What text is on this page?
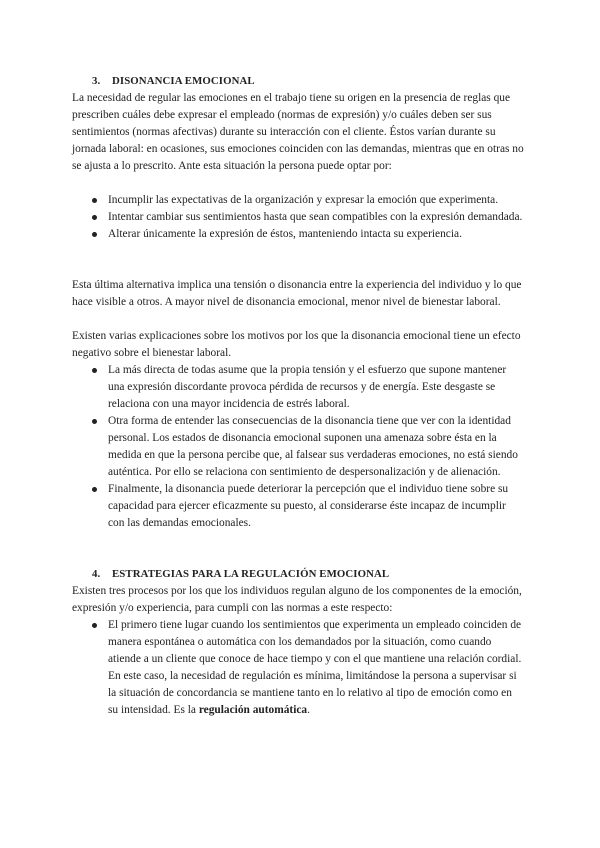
3. DISONANCIA EMOCIONAL

La necesidad de regular las emociones en el trabajo tiene su origen en la presencia de reglas que prescriben cuáles debe expresar el empleado (normas de expresión) y/o cuáles deben ser sus sentimientos (normas afectivas) durante su interacción con el cliente. Éstos varían durante su jornada laboral: en ocasiones, sus emociones coinciden con las demandas, mientras que en otras no se ajusta a lo prescrito. Ante esta situación la persona puede optar por:

Incumplir las expectativas de la organización y expresar la emoción que experimenta.
Intentar cambiar sus sentimientos hasta que sean compatibles con la expresión demandada.
Alterar únicamente la expresión de éstos, manteniendo intacta su experiencia.

Esta última alternativa implica una tensión o disonancia entre la experiencia del individuo y lo que hace visible a otros. A mayor nivel de disonancia emocional, menor nivel de bienestar laboral.

Existen varias explicaciones sobre los motivos por los que la disonancia emocional tiene un efecto negativo sobre el bienestar laboral.

La más directa de todas asume que la propia tensión y el esfuerzo que supone mantener una expresión discordante provoca pérdida de recursos y de energía. Este desgaste se relaciona con una mayor incidencia de estrés laboral.
Otra forma de entender las consecuencias de la disonancia tiene que ver con la identidad personal. Los estados de disonancia emocional suponen una amenaza sobre ésta en la medida en que la persona percibe que, al falsear sus verdaderas emociones, no está siendo auténtica. Por ello se relaciona con sentimiento de despersonalización y de alienación.
Finalmente, la disonancia puede deteriorar la percepción que el individuo tiene sobre su capacidad para ejercer eficazmente su puesto, al considerarse éste incapaz de incumplir con las demandas emocionales.
4. ESTRATEGIAS PARA LA REGULACIÓN EMOCIONAL

Existen tres procesos por los que los individuos regulan alguno de los componentes de la emoción, expresión y/o experiencia, para cumpli con las normas a este respecto:

El primero tiene lugar cuando los sentimientos que experimenta un empleado coinciden de manera espontánea o automática con los demandados por la situación, como cuando atiende a un cliente que conoce de hace tiempo y con el que mantiene una relación cordial. En este caso, la necesidad de regulación es mínima, limitándose la persona a supervisar si la situación de concordancia se mantiene tanto en lo relativo al tipo de emoción como en su intensidad. Es la regulación automática.
